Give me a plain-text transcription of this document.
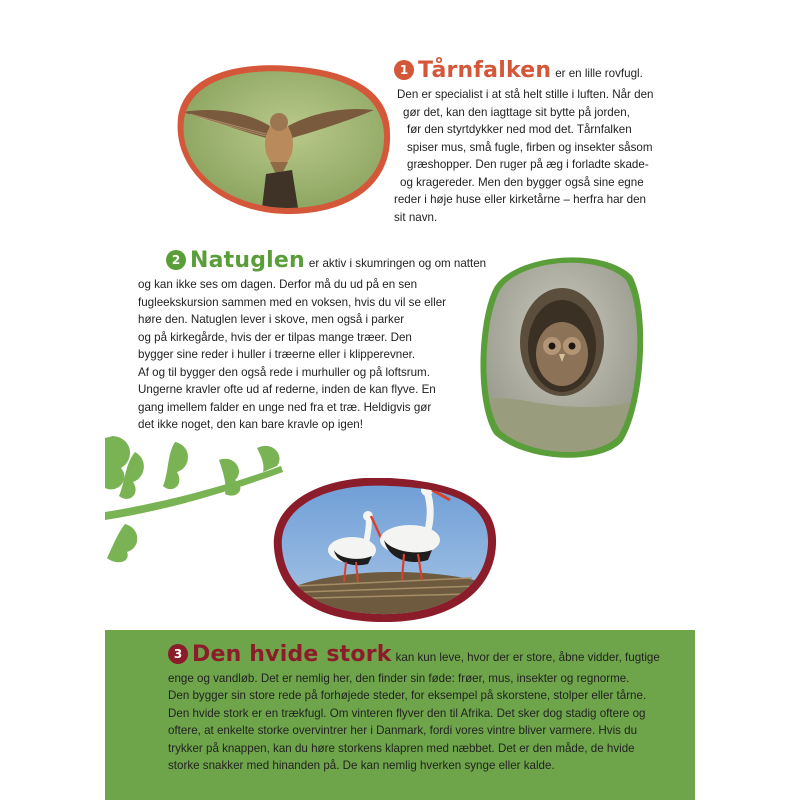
1 Tårnfalken er en lille rovfugl.
Den er specialist i at stå helt stille i luften. Når den
gør det, kan den iagttage sit bytte på jorden,
før den styrtdykker ned mod det. Tårnfalken
spiser mus, små fugle, firben og insekter såsom
græshopper. Den ruger på æg i forladte skade-
og kragereder. Men den bygger også sine egne
reder i høje huse eller kirketårne – herfra har den
sit navn.
2 Natuglen er aktiv i skumringen og om natten
og kan ikke ses om dagen. Derfor må du ud på en sen
fugleekskursion sammen med en voksen, hvis du vil se eller
høre den. Natuglen lever i skove, men også i parker
og på kirkegårde, hvis der er tilpas mange træer. Den
bygger sine reder i huller i træerne eller i klipperevner.
Af og til bygger den også rede i murhuller og på loftsrum.
Ungerne kravler ofte ud af rederne, inden de kan flyve. En
gang imellem falder en unge ned fra et træ. Heldigvis gør
det ikke noget, den kan bare kravle op igen!
3 Den hvide stork kan kun leve, hvor der er store, åbne vidder, fugtige
enge og vandløb. Det er nemlig her, den finder sin føde: frøer, mus, insekter og regnorme.
Den bygger sin store rede på forhøjede steder, for eksempel på skorstene, stolper eller tårne.
Den hvide stork er en trækfugl. Om vinteren flyver den til Afrika. Det sker dog stadig oftere og
oftere, at enkelte storke overvintrer her i Danmark, fordi vores vintre bliver varmere. Hvis du
trykker på knappen, kan du høre storkens klapren med næbbet. Det er den måde, de hvide
storke snakker med hinanden på. De kan nemlig hverken synge eller kalde.
